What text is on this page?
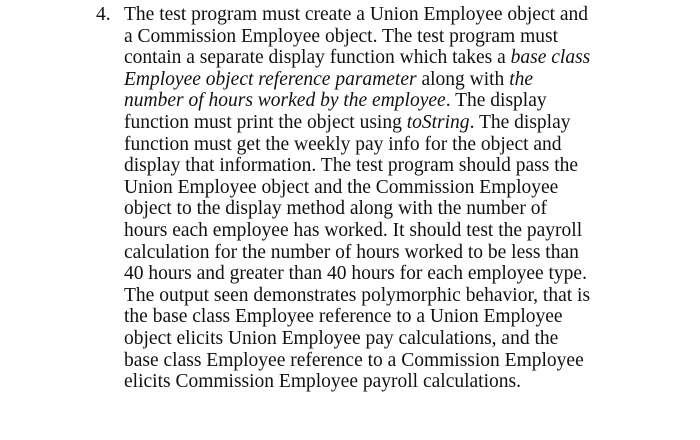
4. The test program must create a Union Employee object and
a Commission Employee object. The test program must
contain a separate display function which takes a base class
Employee object reference parameter along with the
number of hours worked by the employee. The display
function must print the object using toString. The display
function must get the weekly pay info for the object and
display that information. The test program should pass the
Union Employee object and the Commission Employee
object to the display method along with the number of
hours each employee has worked. It should test the payroll
calculation for the number of hours worked to be less than
40 hours and greater than 40 hours for each employee type.
The output seen demonstrates polymorphic behavior, that is
the base class Employee reference to a Union Employee
object elicits Union Employee pay calculations, and the
base class Employee reference to a Commission Employee
elicits Commission Employee payroll calculations.
